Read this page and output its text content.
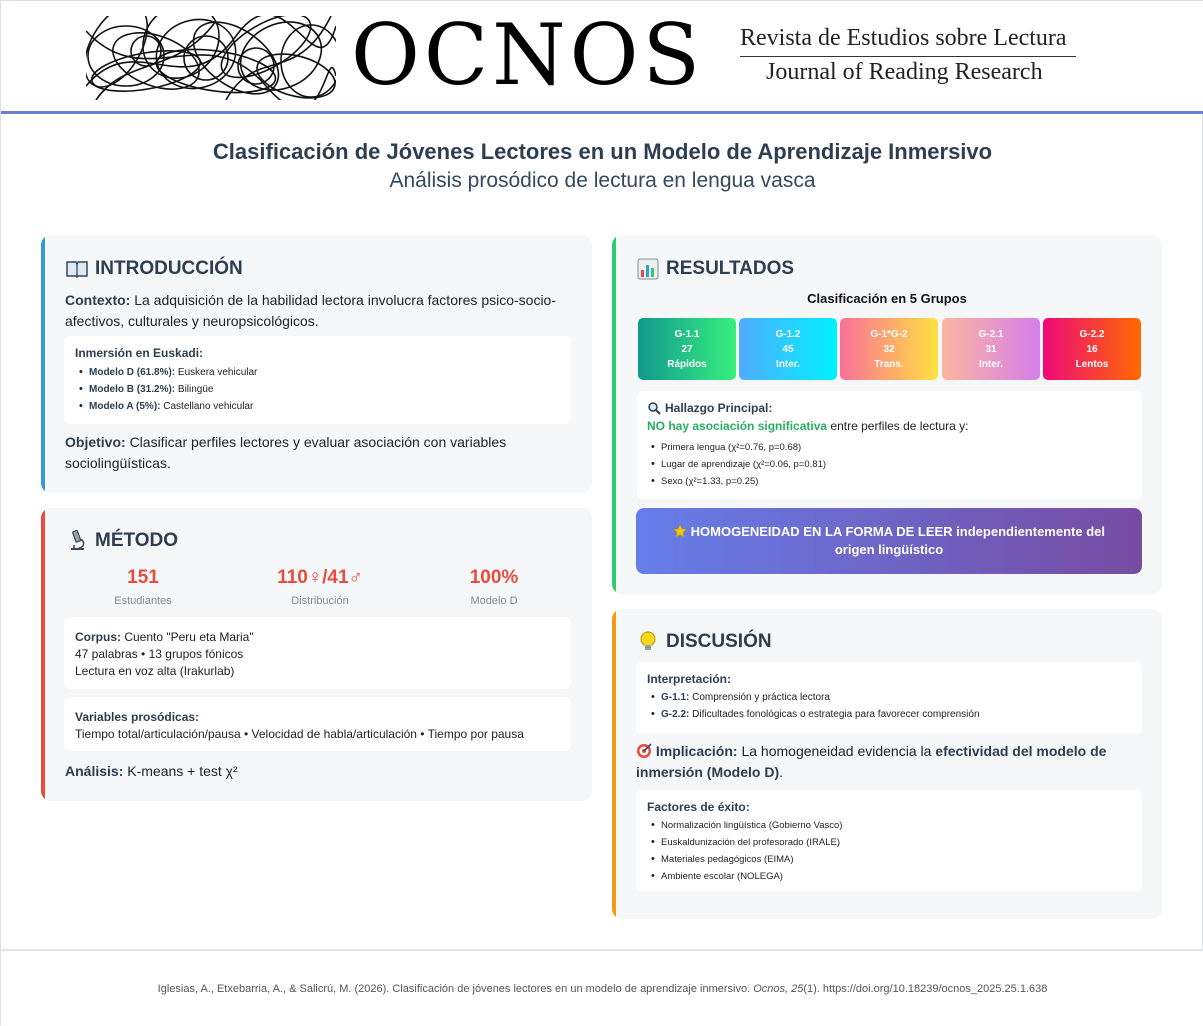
OCNOS Revista de Estudios sobre Lectura
Journal of Reading Research
Clasificación de Jóvenes Lectores en un Modelo de Aprendizaje Inmersivo
Análisis prosódico de lectura en lengua vasca
INTRODUCCIÓN
Contexto: La adquisición de la habilidad lectora involucra factores psico-socio-afectivos, culturales y neuropsicológicos.
Inmersión en Euskadi:
• Modelo D (61.8%): Euskera vehicular
• Modelo B (31.2%): Bilingüe
• Modelo A (5%): Castellano vehicular
Objetivo: Clasificar perfiles lectores y evaluar asociación con variables sociolingüísticas.
MÉTODO
151
Estudiantes
110♀/41♂
Distribución
100%
Modelo D
Corpus: Cuento "Peru eta Maria"
47 palabras • 13 grupos fónicos
Lectura en voz alta (Irakurlab)
Variables prosódicas:
Tiempo total/articulación/pausa • Velocidad de habla/articulación • Tiempo por pausa
Análisis: K-means + test χ²
RESULTADOS
Clasificación en 5 Grupos
G-1.1
27
Rápidos
G-1.2
45
Inter.
G-1*G-2
32
Trans.
G-2.1
31
Inter.
G-2.2
16
Lentos
Hallazgo Principal:
NO hay asociación significativa entre perfiles de lectura y:
• Primera lengua (χ²=0.76, p=0.68)
• Lugar de aprendizaje (χ²=0.06, p=0.81)
• Sexo (χ²=1.33, p=0.25)
HOMOGENEIDAD EN LA FORMA DE LEER independientemente del origen lingüístico
DISCUSIÓN
Interpretación:
• G-1.1: Comprensión y práctica lectora
• G-2.2: Dificultades fonológicas o estrategia para favorecer comprensión
Implicación: La homogeneidad evidencia la efectividad del modelo de inmersión (Modelo D).
Factores de éxito:
• Normalización lingüística (Gobierno Vasco)
• Euskaldunización del profesorado (IRALE)
• Materiales pedagógicos (EIMA)
• Ambiente escolar (NOLEGA)
Iglesias, A., Etxebarria, A., & Salicrú, M. (2026). Clasificación de jóvenes lectores en un modelo de aprendizaje inmersivo. Ocnos, 25(1). https://doi.org/10.18239/ocnos_2025.25.1.638
